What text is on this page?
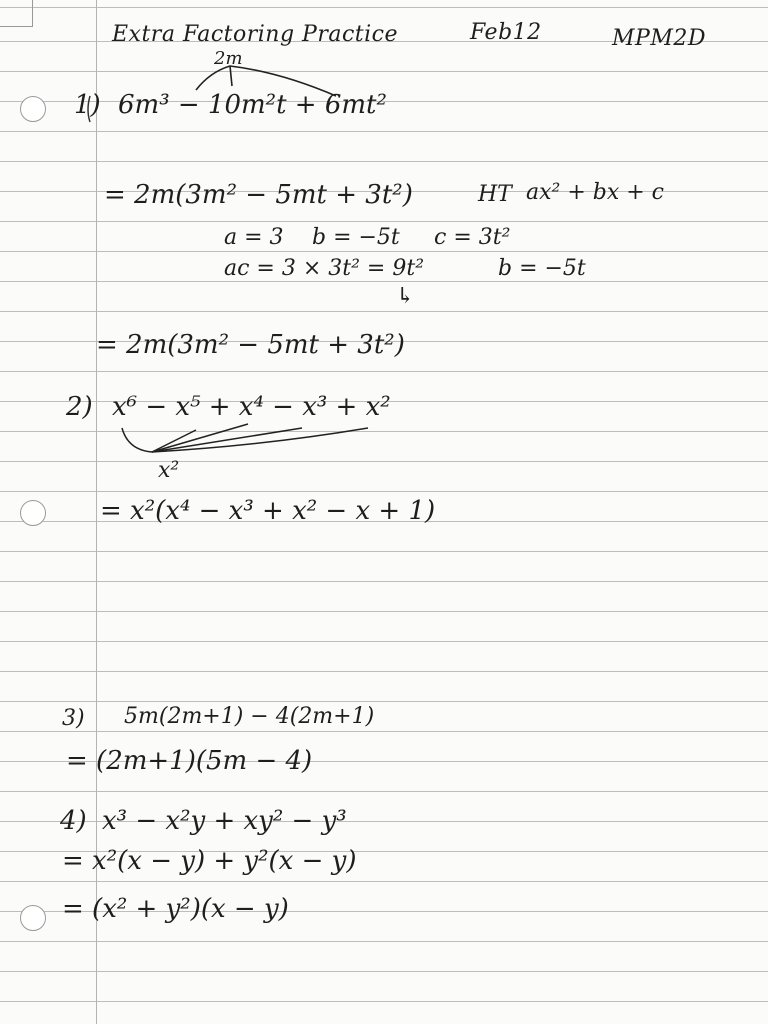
Extra Factoring Practice	Feb12	MPM2D
2m
1) 6m³ − 10m²t + 6mt²
= 2m(3m² − 5mt + 3t²)	HT ax² + bx + c
a = 3 b = −5t c = 3t²
ac = 3 × 3t² = 9t²	b = −5t
↳
= 2m(3m² − 5mt + 3t²)
2) x⁶ − x⁵ + x⁴ − x³ + x²
x²
= x²(x⁴ − x³ + x² − x + 1)
3) 5m(2m+1) − 4(2m+1)
= (2m+1)(5m − 4)
4) x³ − x²y + xy² − y³
= x²(x − y) + y²(x − y)
= (x² + y²)(x − y)
